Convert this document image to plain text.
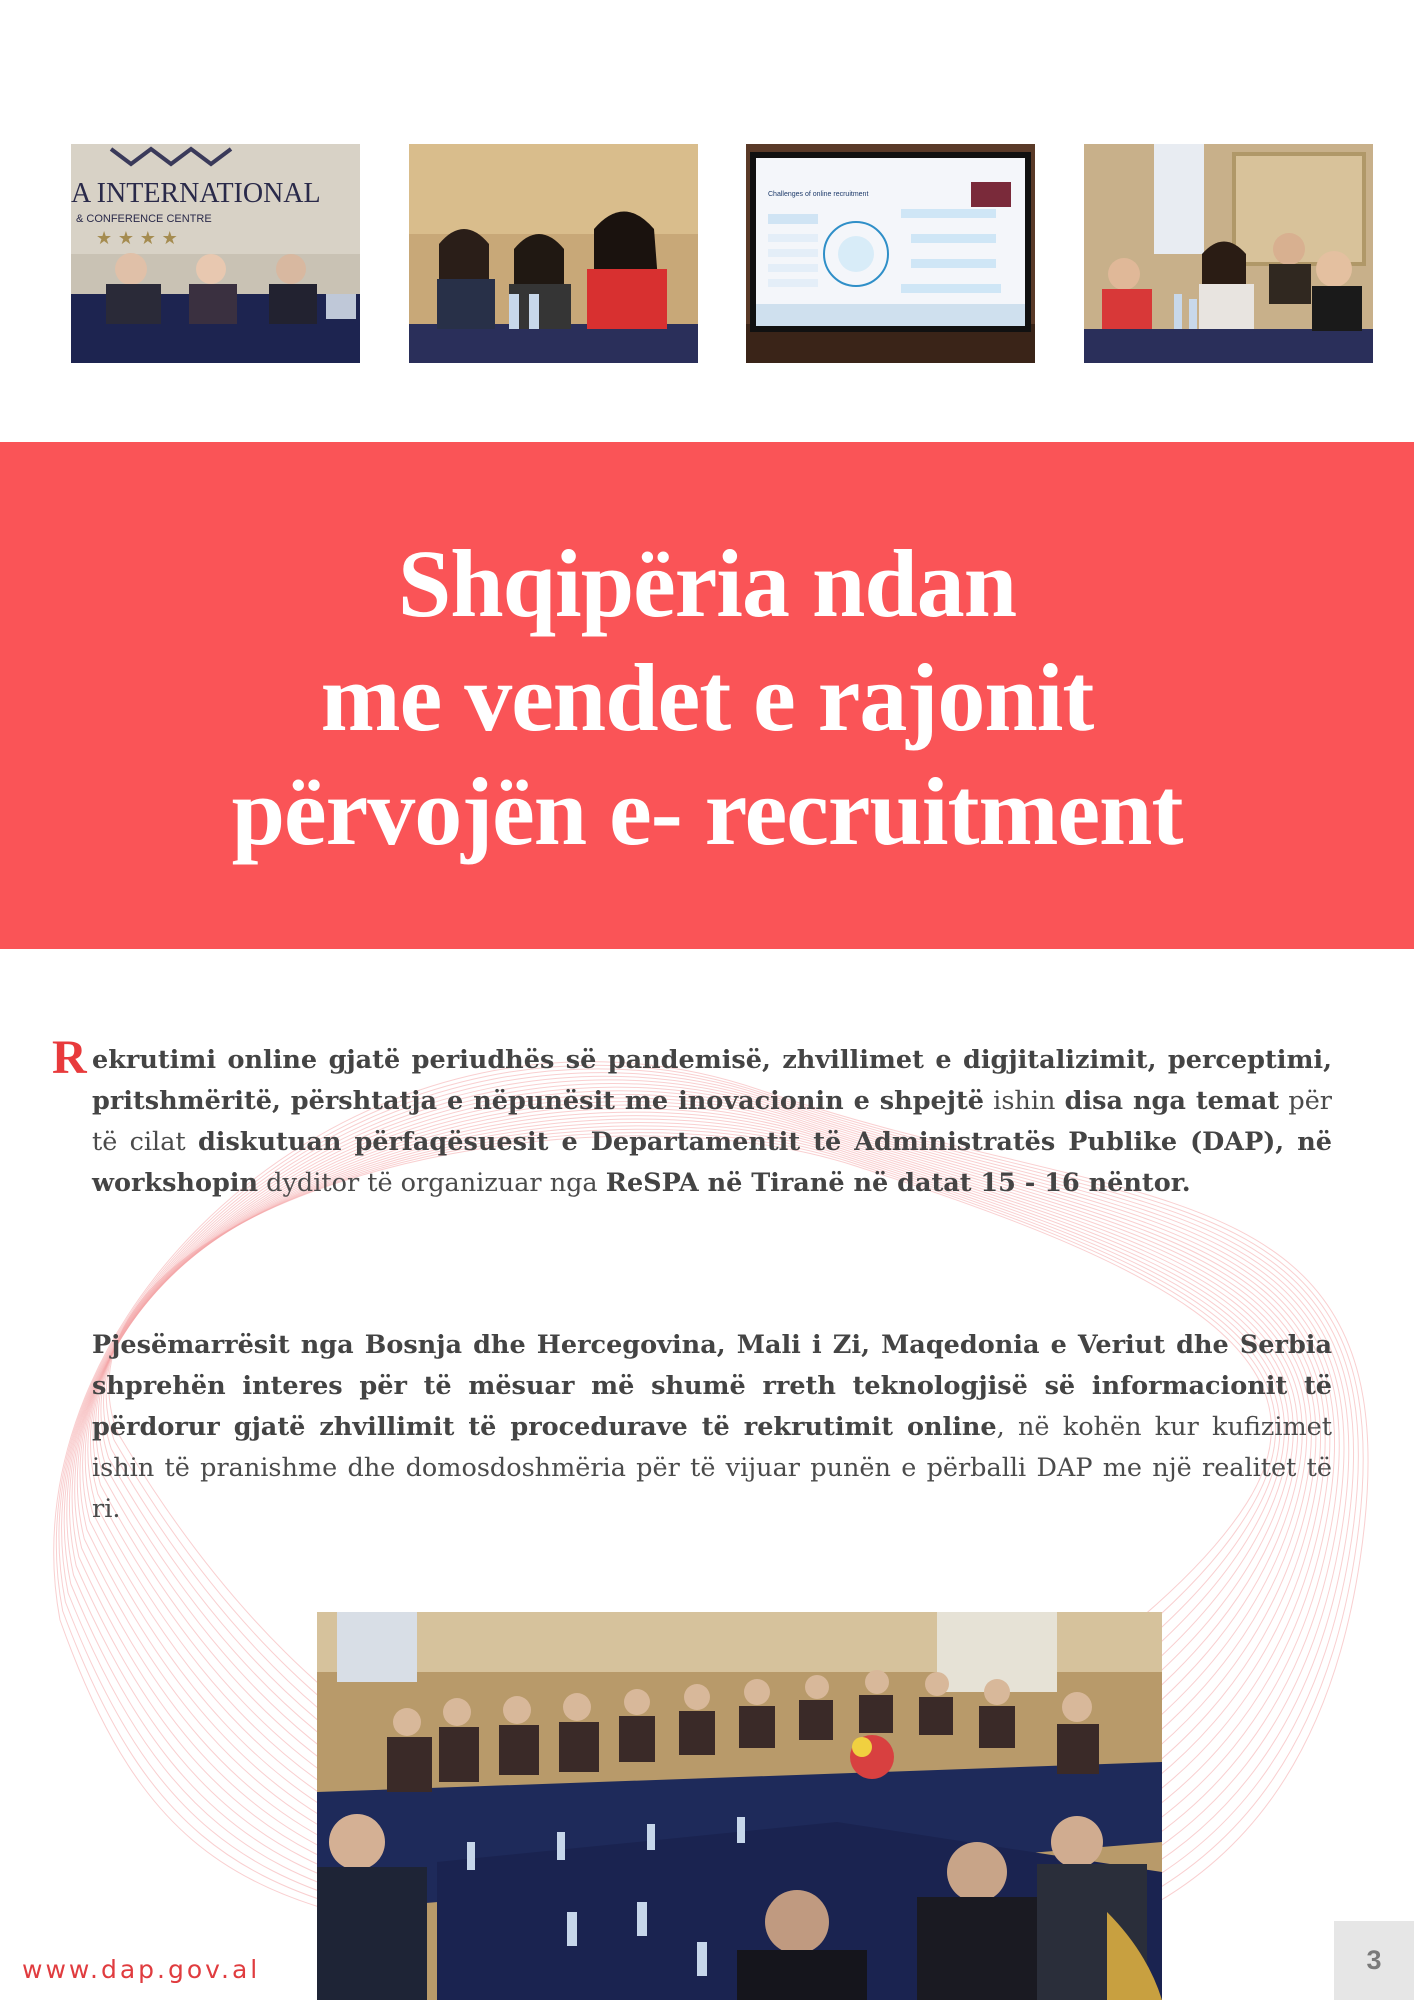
A INTERNATIONAL
& CONFERENCE CENTRE
★ ★ ★ ★
Challenges of online recruitment
Shqipëria ndan
me vendet e rajonit
përvojën e- recruitment
R ekrutimi online gjatë periudhës së pandemisë, zhvillimet e digjitalizimit, perceptimi, pritshmëritë, përshtatja e nëpunësit me inovacionin e shpejtë ishin disa nga temat për të cilat diskutuan përfaqësuesit e Departamentit të Administratës Publike (DAP), në workshopin dyditor të organizuar nga ReSPA në Tiranë në datat 15 - 16 nëntor.
Pjesëmarrësit nga Bosnja dhe Hercegovina, Mali i Zi, Maqedonia e Veriut dhe Serbia shprehën interes për të mësuar më shumë rreth teknologjisë së informacionit të përdorur gjatë zhvillimit të procedurave të rekrutimit online, në kohën kur kufizimet ishin të pranishme dhe domosdoshmëria për të vijuar punën e përballi DAP me një realitet të ri.
www.dap.gov.al	3
